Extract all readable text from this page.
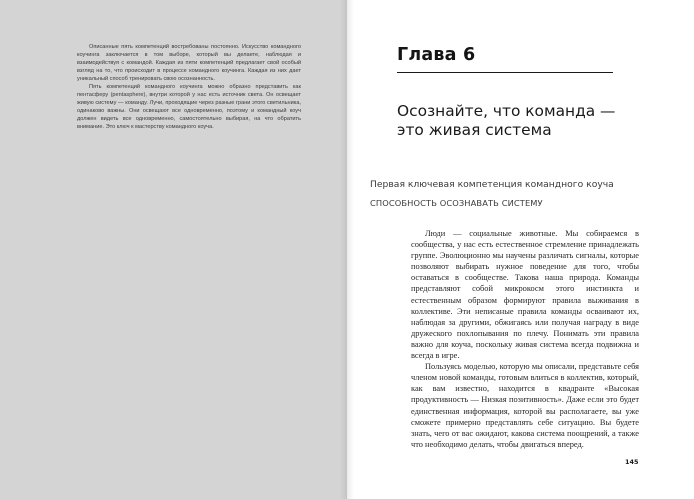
Описанные пять компетенций востребованы постоянно. Искусство командного коучинга заключается в том выборе, который вы делаете, наблюдая и взаимодействуя с командой. Каждая из пяти компетенций предлагает свой особый взгляд на то, что происходит в процессе командного коучинга. Каждая из них дает уникальный способ тренировать свою осознанность.

Пять компетенций командного коучинга можно образно представить как пентасферу (pentasphere), внутри которой у нас есть источник света. Он освещает живую систему — команду. Лучи, проходящие через разные грани этого светильника, одинаково важны. Они освещают все одновременно, поэтому и командный коуч должен видеть все одновременно, самостоятельно выбирая, на что обратить внимание. Это ключ к мастерству командного коуча.

Глава 6
Осознайте, что команда — это живая система
Первая ключевая компетенция командного коуча
СПОСОБНОСТЬ ОСОЗНАВАТЬ СИСТЕМУ

Люди — социальные животные. Мы собираемся в сообщества, у нас есть естественное стремление принадлежать группе. Эволюционно мы научены различать сигналы, которые позволяют выбирать нужное поведение для того, чтобы оставаться в сообществе. Такова наша природа. Команды представляют собой микрокосм этого инстинкта и естественным образом формируют правила выживания в коллективе. Эти неписаные правила команды осваивают их, наблюдая за другими, обжигаясь или получая награду в виде дружеского похлопывания по плечу. Понимать эти правила важно для коуча, поскольку живая система всегда подвижна и всегда в игре.

Пользуясь моделью, которую мы описали, представьте себя членом новой команды, готовым влиться в коллектив, который, как вам известно, находится в квадранте «Высокая продуктивность — Низкая позитивность». Даже если это будет единственная информация, которой вы располагаете, вы уже сможете примерно представлять себе ситуацию. Вы будете знать, чего от вас ожидают, какова система поощрений, а также что необходимо делать, чтобы двигаться вперед.

145
